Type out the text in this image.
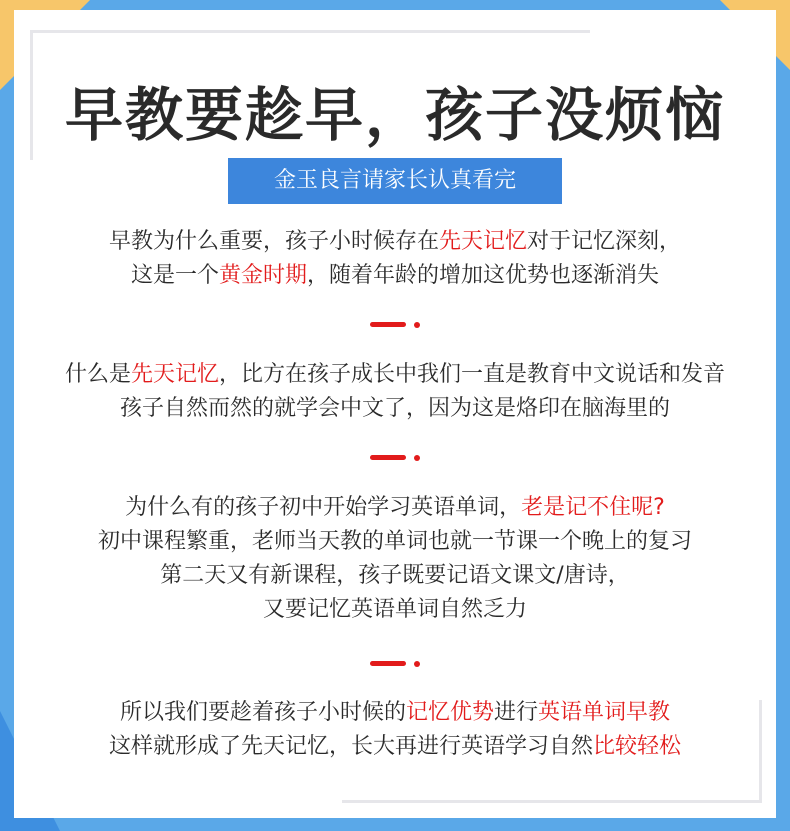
早教要趁早，孩子没烦恼
金玉良言请家长认真看完
早教为什么重要，孩子小时候存在先天记忆对于记忆深刻，
这是一个黄金时期，随着年龄的增加这优势也逐渐消失
什么是先天记忆，比方在孩子成长中我们一直是教育中文说话和发音
孩子自然而然的就学会中文了，因为这是烙印在脑海里的
为什么有的孩子初中开始学习英语单词，老是记不住呢?
初中课程繁重，老师当天教的单词也就一节课一个晚上的复习
第二天又有新课程，孩子既要记语文课文/唐诗，
又要记忆英语单词自然乏力
所以我们要趁着孩子小时候的记忆优势进行英语单词早教
这样就形成了先天记忆，长大再进行英语学习自然比较轻松
